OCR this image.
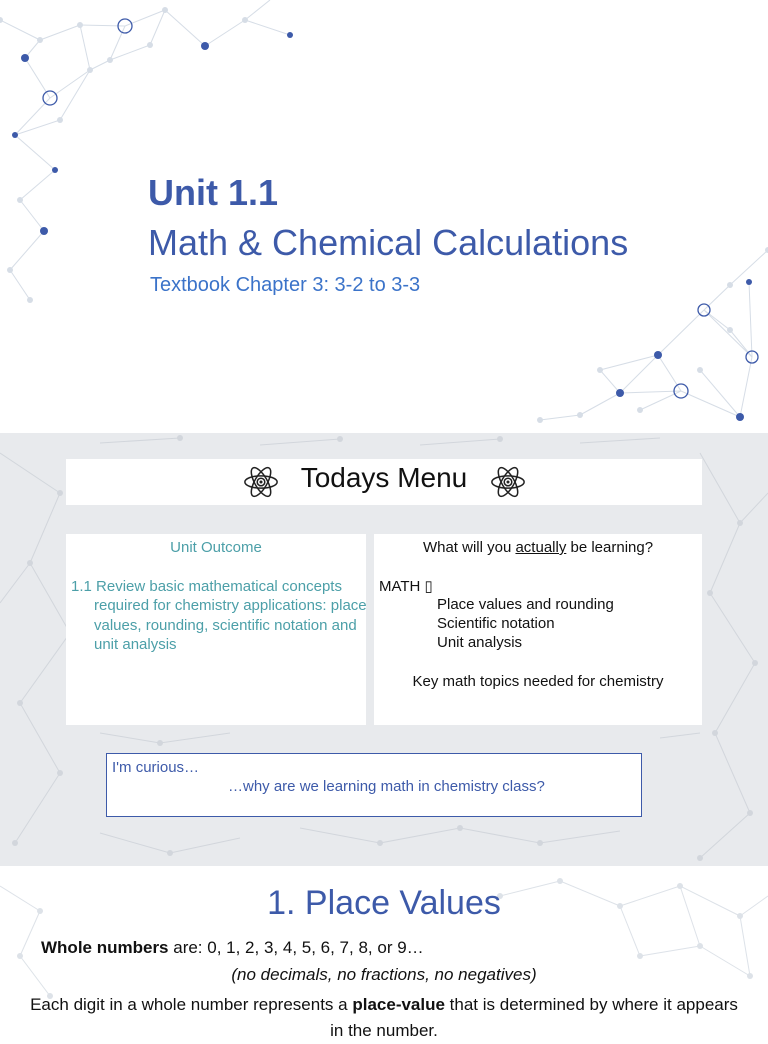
Unit 1.1
Math & Chemical Calculations
Textbook Chapter 3: 3-2 to 3-3
Todays Menu
Unit Outcome
1.1 Review basic mathematical concepts required for chemistry applications: place values, rounding, scientific notation and unit analysis
What will you actually be learning?
MATH ▯
Place values and rounding
Scientific notation
Unit analysis
Key math topics needed for chemistry
I'm curious…
…why are we learning math in chemistry class?
1. Place Values
Whole numbers are: 0, 1, 2, 3, 4, 5, 6, 7, 8, or 9…
(no decimals, no fractions, no negatives)
Each digit in a whole number represents a place-value that is determined by where it appears in the number.
